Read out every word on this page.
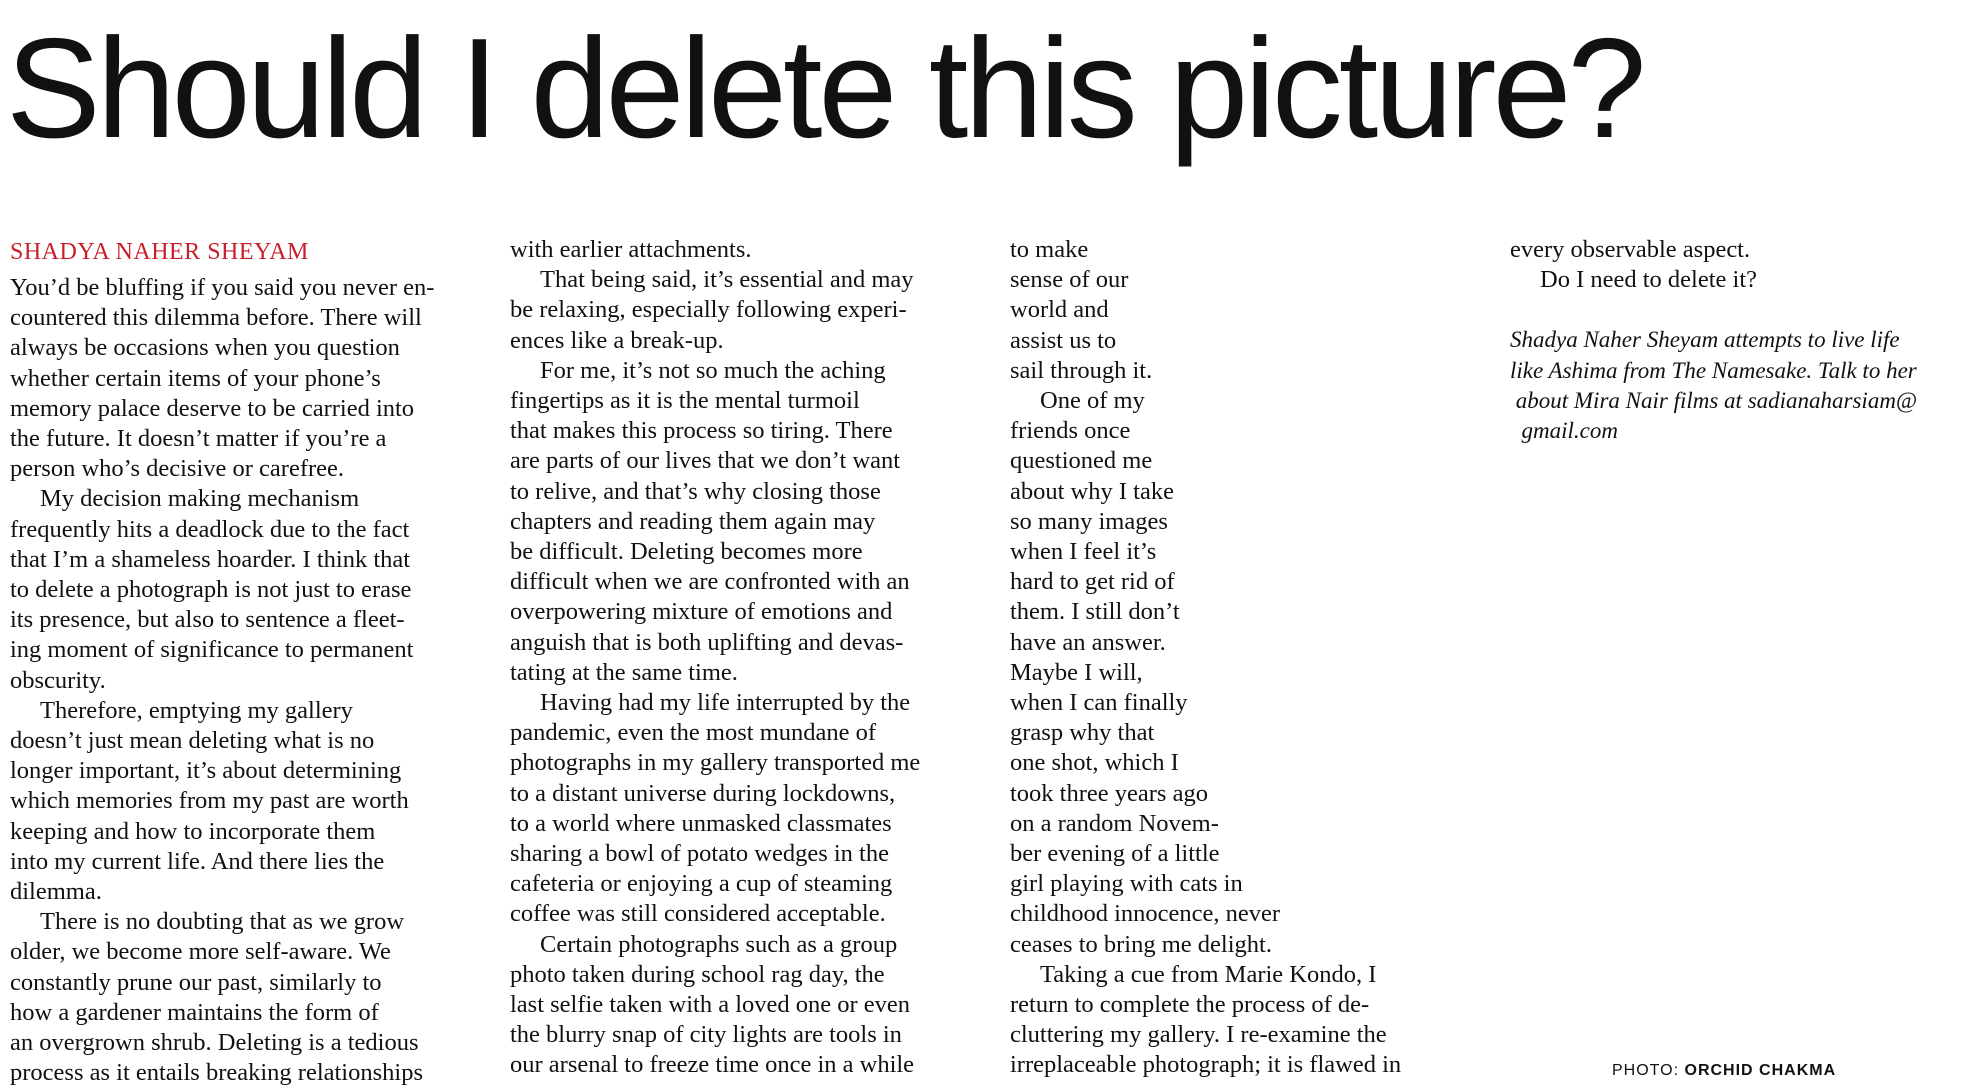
Should I delete this picture?
SHADYA NAHER SHEYAM
You’d be bluffing if you said you never en-
countered this dilemma before. There will
always be occasions when you question
whether certain items of your phone’s
memory palace deserve to be carried into
the future. It doesn’t matter if you’re a
person who’s decisive or carefree.
My decision making mechanism
frequently hits a deadlock due to the fact
that I’m a shameless hoarder. I think that
to delete a photograph is not just to erase
its presence, but also to sentence a fleet-
ing moment of significance to permanent
obscurity.
Therefore, emptying my gallery
doesn’t just mean deleting what is no
longer important, it’s about determining
which memories from my past are worth
keeping and how to incorporate them
into my current life. And there lies the
dilemma.
There is no doubting that as we grow
older, we become more self-aware. We
constantly prune our past, similarly to
how a gardener maintains the form of
an overgrown shrub. Deleting is a tedious
process as it entails breaking relationships
with earlier attachments.
That being said, it’s essential and may
be relaxing, especially following experi-
ences like a break-up.
For me, it’s not so much the aching
fingertips as it is the mental turmoil
that makes this process so tiring. There
are parts of our lives that we don’t want
to relive, and that’s why closing those
chapters and reading them again may
be difficult. Deleting becomes more
difficult when we are confronted with an
overpowering mixture of emotions and
anguish that is both uplifting and devas-
tating at the same time.
Having had my life interrupted by the
pandemic, even the most mundane of
photographs in my gallery transported me
to a distant universe during lockdowns,
to a world where unmasked classmates
sharing a bowl of potato wedges in the
cafeteria or enjoying a cup of steaming
coffee was still considered acceptable.
Certain photographs such as a group
photo taken during school rag day, the
last selfie taken with a loved one or even
the blurry snap of city lights are tools in
our arsenal to freeze time once in a while
to make
sense of our
world and
assist us to
sail through it.
One of my
friends once
questioned me
about why I take
so many images
when I feel it’s
hard to get rid of
them. I still don’t
have an answer.
Maybe I will,
when I can finally
grasp why that
one shot, which I
took three years ago
on a random Novem-
ber evening of a little
girl playing with cats in
childhood innocence, never
ceases to bring me delight.
Taking a cue from Marie Kondo, I
return to complete the process of de-
cluttering my gallery. I re-examine the
irreplaceable photograph; it is flawed in
every observable aspect.
Do I need to delete it?
Shadya Naher Sheyam attempts to live life
like Ashima from The Namesake. Talk to her
about Mira Nair films at sadianaharsiam@
gmail.com
PHOTO: ORCHID CHAKMA
